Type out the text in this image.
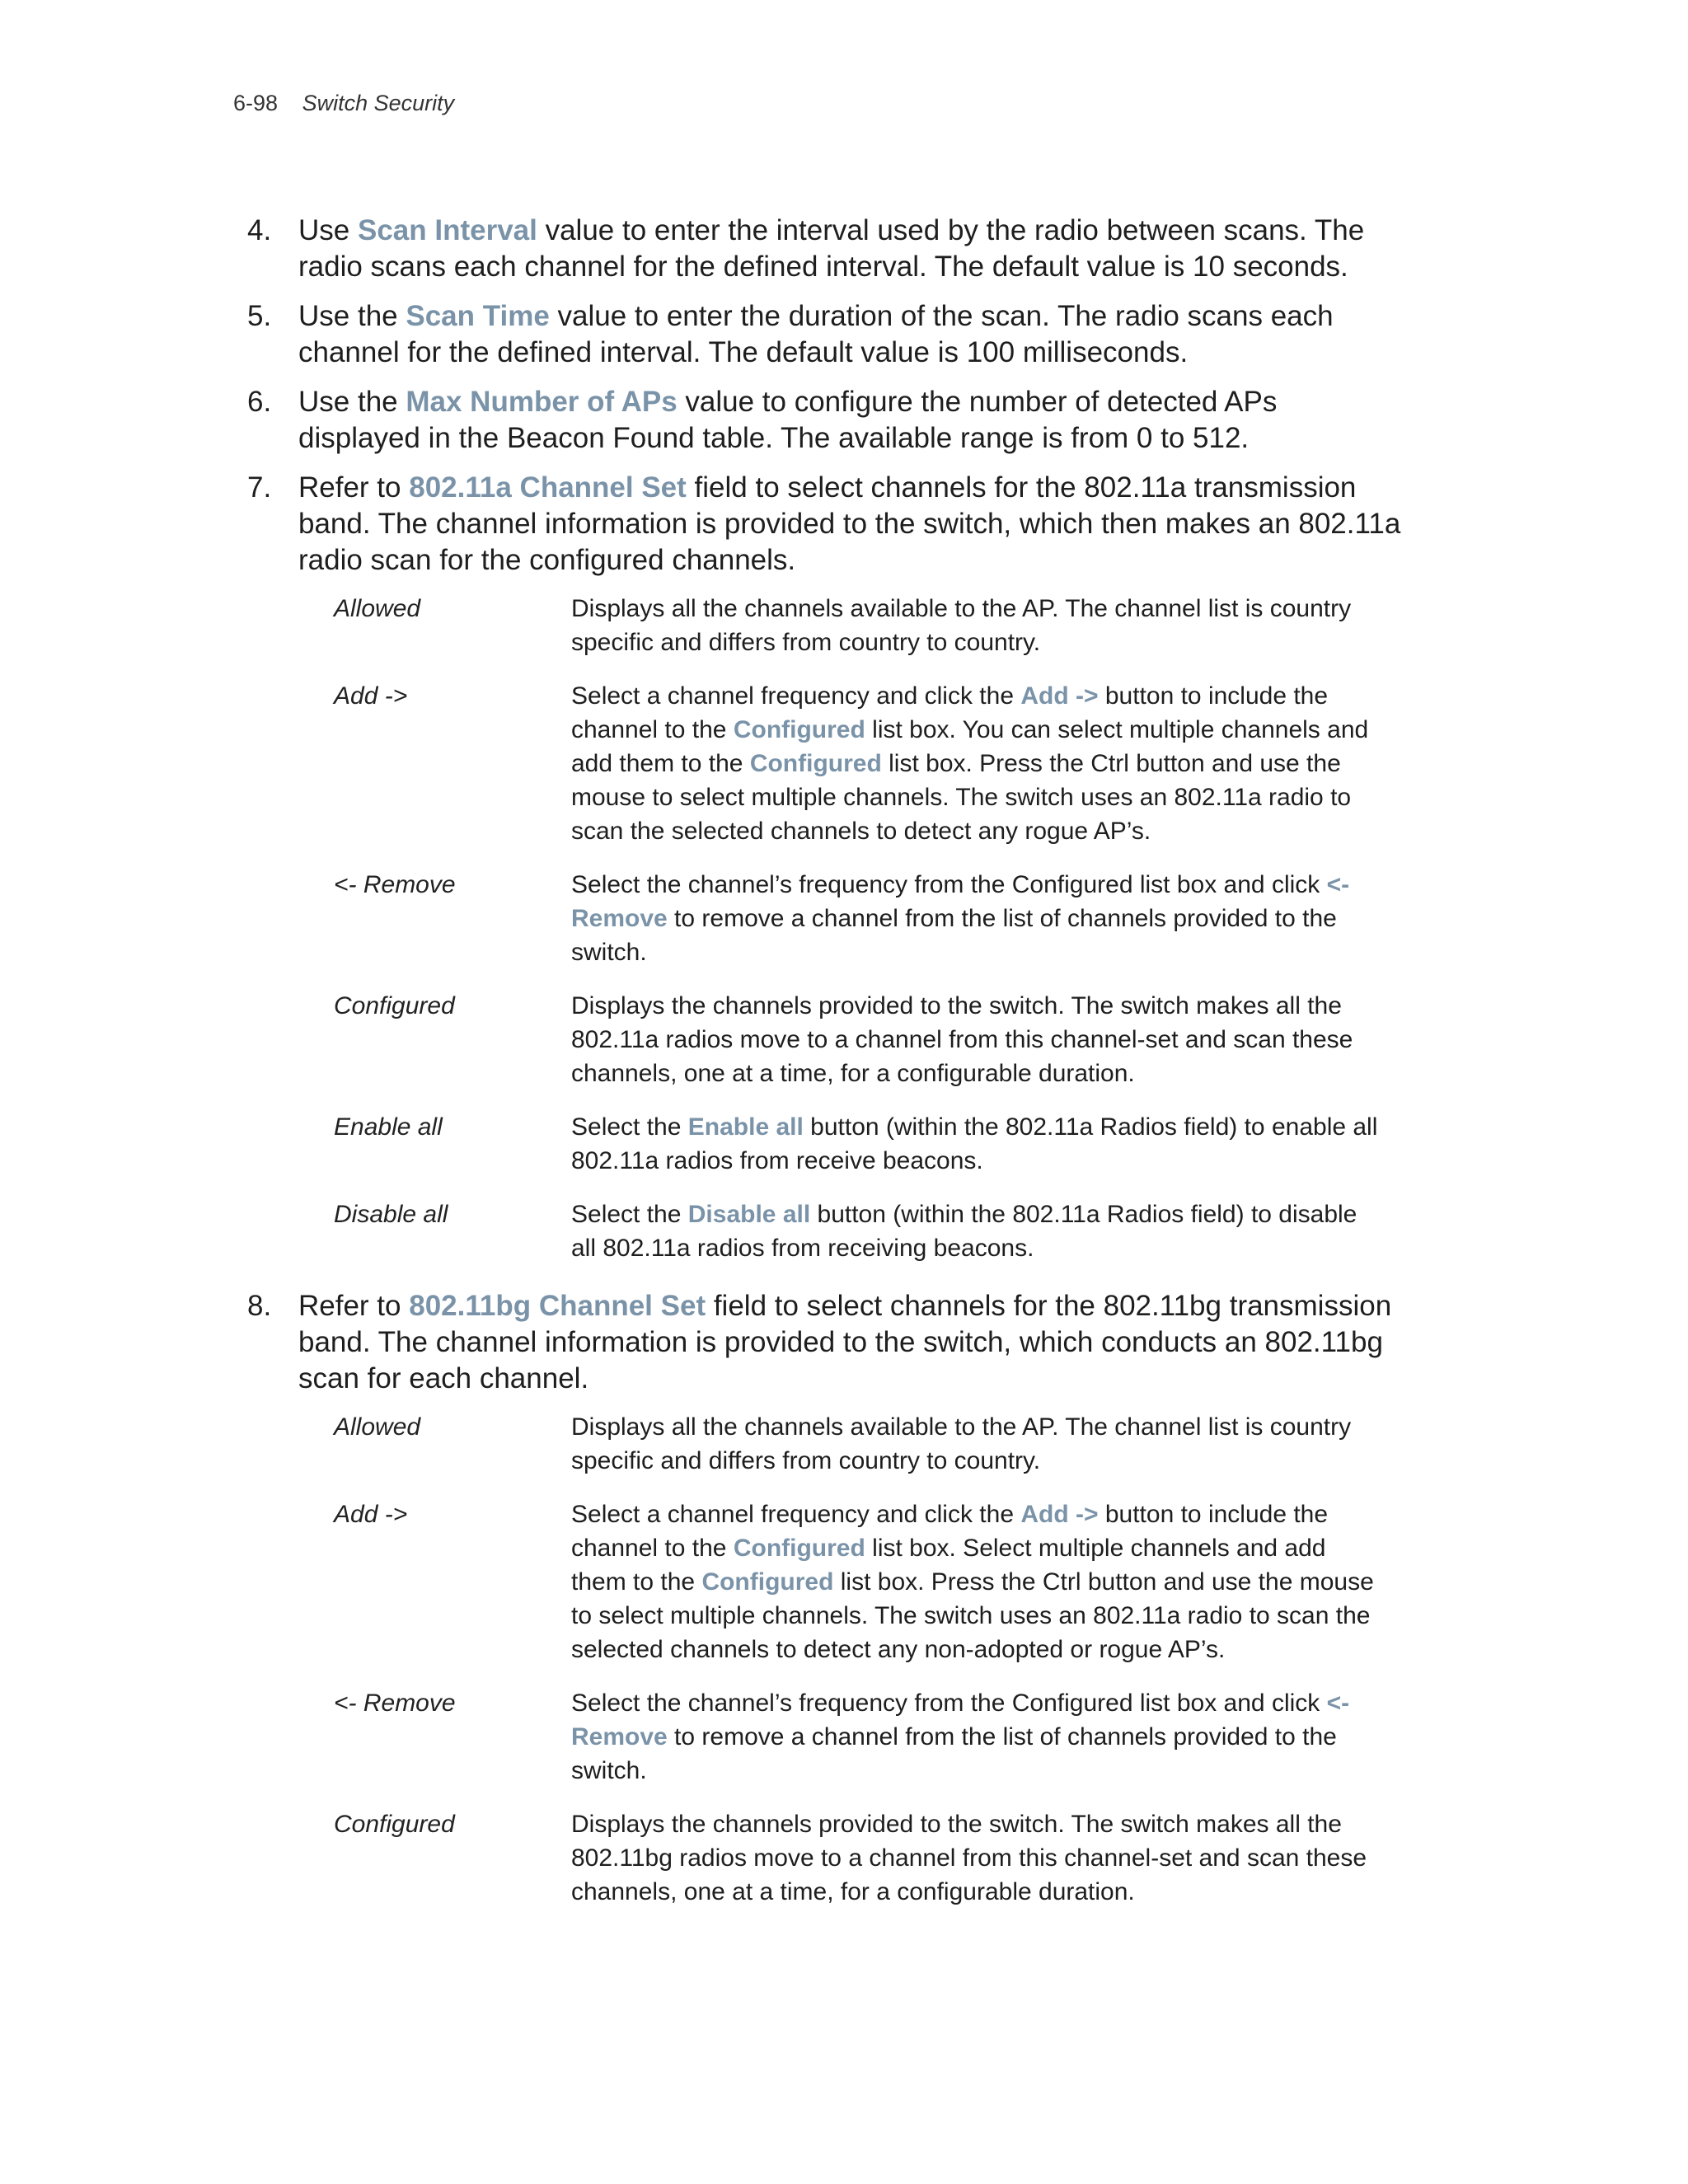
6-98 Switch Security
4. Use Scan Interval value to enter the interval used by the radio between scans. The radio scans each channel for the defined interval. The default value is 10 seconds.
5. Use the Scan Time value to enter the duration of the scan. The radio scans each channel for the defined interval. The default value is 100 milliseconds.
6. Use the Max Number of APs value to configure the number of detected APs displayed in the Beacon Found table. The available range is from 0 to 512.
7. Refer to 802.11a Channel Set field to select channels for the 802.11a transmission band. The channel information is provided to the switch, which then makes an 802.11a radio scan for the configured channels.
Allowed	Displays all the channels available to the AP. The channel list is country specific and differs from country to country.
Add ->	Select a channel frequency and click the Add -> button to include the channel to the Configured list box. You can select multiple channels and add them to the Configured list box. Press the Ctrl button and use the mouse to select multiple channels. The switch uses an 802.11a radio to scan the selected channels to detect any rogue AP’s.
<- Remove	Select the channel’s frequency from the Configured list box and click <- Remove to remove a channel from the list of channels provided to the switch.
Configured	Displays the channels provided to the switch. The switch makes all the 802.11a radios move to a channel from this channel-set and scan these channels, one at a time, for a configurable duration.
Enable all	Select the Enable all button (within the 802.11a Radios field) to enable all 802.11a radios from receive beacons.
Disable all	Select the Disable all button (within the 802.11a Radios field) to disable all 802.11a radios from receiving beacons.
8. Refer to 802.11bg Channel Set field to select channels for the 802.11bg transmission band. The channel information is provided to the switch, which conducts an 802.11bg scan for each channel.
Allowed	Displays all the channels available to the AP. The channel list is country specific and differs from country to country.
Add ->	Select a channel frequency and click the Add -> button to include the channel to the Configured list box. Select multiple channels and add them to the Configured list box. Press the Ctrl button and use the mouse to select multiple channels. The switch uses an 802.11a radio to scan the selected channels to detect any non-adopted or rogue AP’s.
<- Remove	Select the channel’s frequency from the Configured list box and click <- Remove to remove a channel from the list of channels provided to the switch.
Configured	Displays the channels provided to the switch. The switch makes all the 802.11bg radios move to a channel from this channel-set and scan these channels, one at a time, for a configurable duration.
